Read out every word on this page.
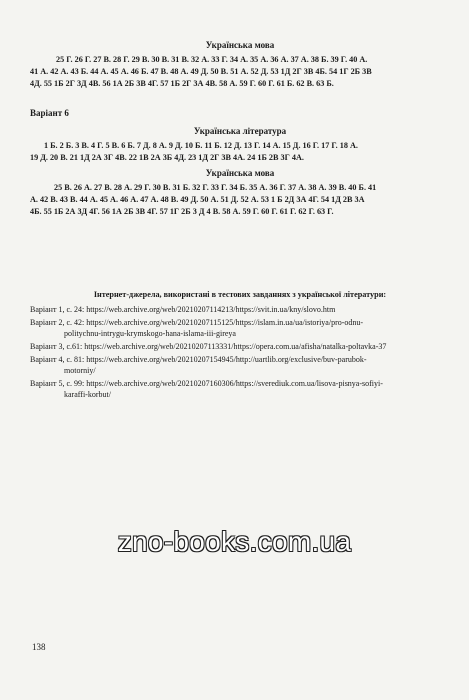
Українська мова
25 Г. 26 Г. 27 В. 28 Г. 29 В. 30 В. 31 В. 32 А. 33 Г. 34 А. 35 А. 36 А. 37 А. 38 Б. 39 Г. 40 А.
41 А. 42 А. 43 Б. 44 А. 45 А. 46 Б. 47 В. 48 А. 49 Д. 50 В. 51 А. 52 Д. 53 1Д 2Г 3В 4Б. 54 1Г 2Б 3В
4Д. 55 1Б 2Г 3Д 4В. 56 1А 2Б 3В 4Г. 57 1Б 2Г 3А 4В. 58 А. 59 Г. 60 Г. 61 Б. 62 В. 63 Б.
Варіант 6
Українська література
1 Б. 2 Б. 3 В. 4 Г. 5 В. 6 Б. 7 Д. 8 А. 9 Д. 10 Б. 11 Б. 12 Д. 13 Г. 14 А. 15 Д. 16 Г. 17 Г. 18 А.
19 Д. 20 В. 21 1Д 2А 3Г 4В. 22 1В 2А 3Б 4Д. 23 1Д 2Г 3В 4А. 24 1Б 2В 3Г 4А.
Українська мова
25 В. 26 А. 27 В. 28 А. 29 Г. 30 В. 31 Б. 32 Г. 33 Г. 34 Б. 35 А. 36 Г. 37 А. 38 А. 39 В. 40 Б. 41
А. 42 В. 43 В. 44 А. 45 А. 46 А. 47 А. 48 В. 49 Д. 50 А. 51 Д. 52 А. 53 1 Б 2Д 3А 4Г. 54 1Д 2В 3А
4Б. 55 1Б 2А 3Д 4Г. 56 1А 2Б 3В 4Г. 57 1Г 2Б 3 Д 4 В. 58 А. 59 Г. 60 Г. 61 Г. 62 Г. 63 Г.
Інтернет-джерела, використані в тестових завданнях з української літератури:
Варіант 1, с. 24: https://web.archive.org/web/20210207114213/https://svit.in.ua/kny/slovo.htm
Варіант 2, с. 42: https://web.archive.org/web/20210207115125/https://islam.in.ua/ua/istoriya/pro-odnu-
politychnu-intrygu-krymskogo-hana-islama-iii-gireya
Варіант 3, с.61: https://web.archive.org/web/20210207113331/https://opera.com.ua/afisha/natalka-poltavka-37
Варіант 4, с. 81: https://web.archive.org/web/20210207154945/http://uartlib.org/exclusive/buv-parubok-
motorniy/
Варіант 5, с. 99: https://web.archive.org/web/20210207160306/https://sverediuk.com.ua/lisova-pisnya-sofiyi-
karaffi-korbut/
zno-books.com.ua
138
